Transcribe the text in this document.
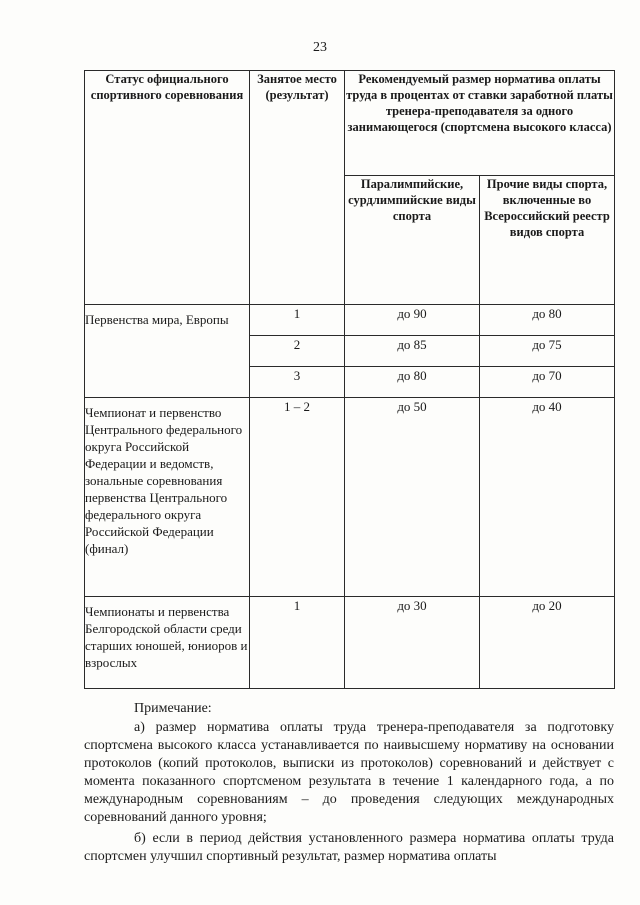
23
Статус официального спортивного соревнования	Занятое место (результат)	Рекомендуемый размер норматива оплаты труда в процентах от ставки заработной платы тренера-преподавателя за одного занимающегося (спортсмена высокого класса)	
		Паралимпийские, сурдлимпийские виды спорта	Прочие виды спорта, включенные во Всероссийский реестр видов спорта
Первенства мира, Европы	1	до 90	до 80
	2	до 85	до 75
	3	до 80	до 70
Чемпионат и первенство Центрального федерального округа Российской Федерации и ведомств, зональные соревнования первенства Центрального федерального округа Российской Федерации (финал)	1 – 2	до 50	до 40
Чемпионаты и первенства Белгородской области среди старших юношей, юниоров и взрослых	1	до 30	до 20

Примечание:

а) размер норматива оплаты труда тренера-преподавателя за подготовку спортсмена высокого класса устанавливается по наивысшему нормативу на основании протоколов (копий протоколов, выписки из протоколов) соревнований и действует с момента показанного спортсменом результата в течение 1 календарного года, а по международным соревнованиям – до проведения следующих международных соревнований данного уровня;

б) если в период действия установленного размера норматива оплаты труда спортсмен улучшил спортивный результат, размер норматива оплаты
